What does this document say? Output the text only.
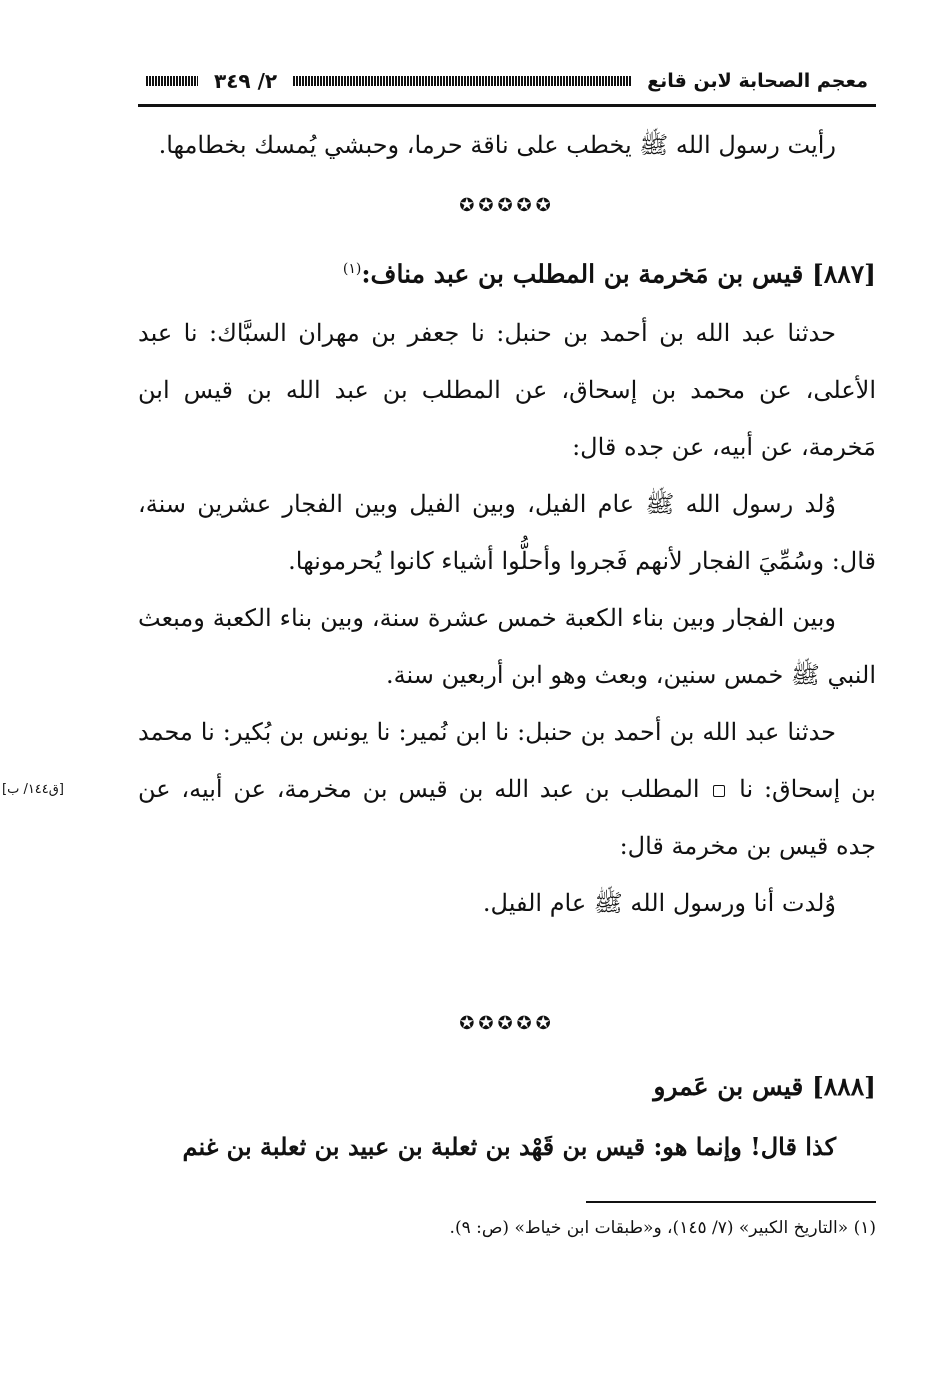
معجم الصحابة لابن قانع
٢/ ٣٤٩

رأيت رسول الله ﷺ يخطب على ناقة حرما، وحبشي يُمسك بخطامها.

✪✪✪✪✪

[٨٨٧] قيس بن مَخرمة بن المطلب بن عبد مناف:$^{(١)}$

حدثنا عبد الله بن أحمد بن حنبل: نا جعفر بن مهران السبَّاك: نا عبد الأعلى، عن محمد بن إسحاق، عن المطلب بن عبد الله بن قيس ابن مَخرمة، عن أبيه، عن جده قال:

وُلد رسول الله ﷺ عام الفيل، وبين الفيل وبين الفجار عشرين سنة، قال: وسُمِّيَ الفجار لأنهم فَجروا وأحلُّوا أشياء كانوا يُحرمونها.

وبين الفجار وبين بناء الكعبة خمس عشرة سنة، وبين بناء الكعبة ومبعث النبي ﷺ خمس سنين، وبعث وهو ابن أربعين سنة.

حدثنا عبد الله بن أحمد بن حنبل: نا ابن نُمير: نا يونس بن بُكير: نا محمد بن إسحاق: نا  المطلب بن عبد الله بن قيس بن مخرمة، عن أبيه، عن جده قيس بن مخرمة قال:
[ق١٤٤/ ب]

وُلدت أنا ورسول الله ﷺ عام الفيل.

✪✪✪✪✪

[٨٨٨] قيس بن عَمرو

كذا قال! وإنما هو: قيس بن قَهْد بن ثعلبة بن عبيد بن ثعلبة بن غنم

(١) «التاريخ الكبير» (٧/ ١٤٥)، و«طبقات ابن خياط» (ص: ٩).
